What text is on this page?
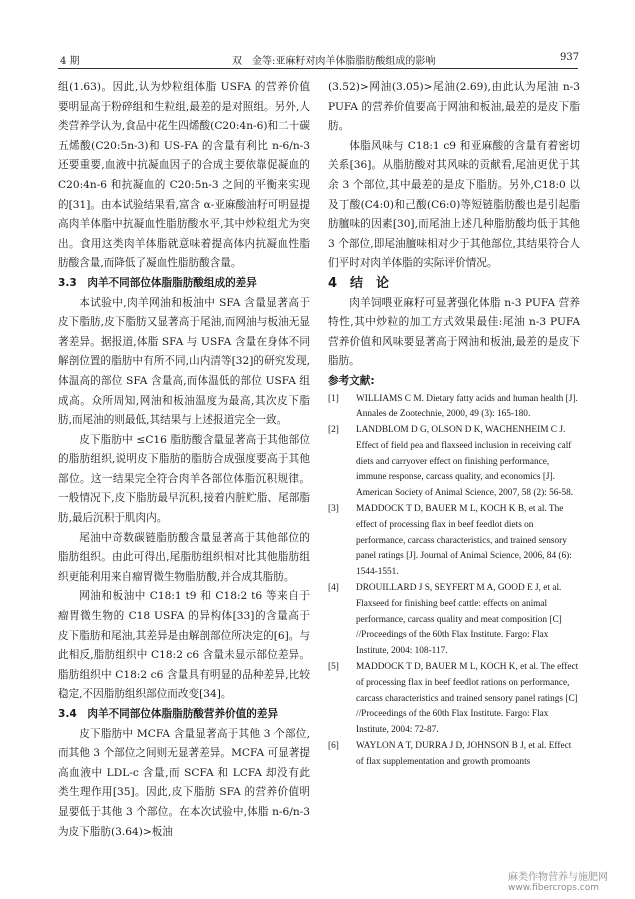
4 期	双　金等:亚麻籽对肉羊体脂脂肪酸组成的影响	937

组(1.63)。因此,认为炒粒组体脂 USFA 的营养价值要明显高于粉碎组和生粒组,最差的是对照组。另外,人类营养学认为,食品中花生四烯酸(C20:4n-6)和二十碳五烯酸(C20:5n-3)和 US-FA 的含量有利比 n-6/n-3 还要重要,血液中抗凝血因子的合成主要依靠促凝血的 C20:4n-6 和抗凝血的 C20:5n-3 之间的平衡来实现的[31]。由本试验结果看,富含 α-亚麻酸油籽可明显提高肉羊体脂中抗凝血性脂肪酸水平,其中炒粒组尤为突出。食用这类肉羊体脂就意味着提高体内抗凝血性脂肪酸含量,而降低了凝血性脂肪酸含量。

3.3　肉羊不同部位体脂脂肪酸组成的差异

本试验中,肉羊网油和板油中 SFA 含量显著高于皮下脂肪,皮下脂肪又显著高于尾油,而网油与板油无显著差异。据报道,体脂 SFA 与 USFA 含量在身体不同解剖位置的脂肪中有所不同,山内清等[32]的研究发现,体温高的部位 SFA 含量高,而体温低的部位 USFA 组成高。众所周知,网油和板油温度为最高,其次皮下脂肪,而尾油的则最低,其结果与上述报道完全一致。

皮下脂肪中 ≤C16 脂肪酸含量显著高于其他部位的脂肪组织,说明皮下脂肪的脂肪合成强度要高于其他部位。这一结果完全符合肉羊各部位体脂沉积规律。一般情况下,皮下脂肪最早沉积,接着内脏贮脂、尾部脂肪,最后沉积于肌肉内。

尾油中奇数碳链脂肪酸含量显著高于其他部位的脂肪组织。由此可得出,尾脂肪组织相对比其他脂肪组织更能利用来自瘤胃微生物脂肪酸,并合成其脂肪。

网油和板油中 C18:1 t9 和 C18:2 t6 等来自于瘤胃微生物的 C18 USFA 的异构体[33]的含量高于皮下脂肪和尾油,其差异是由解剖部位所决定的[6]。与此相反,脂肪组织中 C18:2 c6 含量未显示部位差异。脂肪组织中 C18:2 c6 含量具有明显的品种差异,比较稳定,不因脂肪组织部位而改变[34]。

3.4　肉羊不同部位体脂脂肪酸营养价值的差异

皮下脂肪中 MCFA 含量显著高于其他 3 个部位,而其他 3 个部位之间则无显著差异。MCFA 可显著提高血液中 LDL-c 含量,而 SCFA 和 LCFA 却没有此类生理作用[35]。因此,皮下脂肪 SFA 的营养价值明显要低于其他 3 个部位。在本次试验中,体脂 n-6/n-3 为皮下脂肪(3.64)>板油

(3.52)>网油(3.05)>尾油(2.69),由此认为尾油 n-3 PUFA 的营养价值要高于网油和板油,最差的是皮下脂肪。

体脂风味与 C18:1 c9 和亚麻酸的含量有着密切关系[36]。从脂肪酸对其风味的贡献看,尾油更优于其余 3 个部位,其中最差的是皮下脂肪。另外,C18:0 以及丁酸(C4:0)和己酸(C6:0)等短链脂肪酸也是引起脂肪膻味的因素[30],而尾油上述几种脂肪酸均低于其他 3 个部位,即尾油膻味相对少于其他部位,其结果符合人们平时对肉羊体脂的实际评价情况。

4　结　论

肉羊饲喂亚麻籽可显著强化体脂 n-3 PUFA 营养特性,其中炒粒的加工方式效果最佳:尾油 n-3 PUFA 营养价值和风味要显著高于网油和板油,最差的是皮下脂肪。

参考文献:

[1] WILLIAMS C M. Dietary fatty acids and human health [J]. Annales de Zootechnie, 2000, 49 (3): 165-180.

[2] LANDBLOM D G, OLSON D K, WACHENHEIM C J. Effect of field pea and flaxseed inclusion in receiving calf diets and carryover effect on finishing performance, immune response, carcass quality, and economics [J]. American Society of Animal Science, 2007, 58 (2): 56-58.

[3] MADDOCK T D, BAUER M L, KOCH K B, et al. The effect of processing flax in beef feedlot diets on performance, carcass characteristics, and trained sensory panel ratings [J]. Journal of Animal Science, 2006, 84 (6): 1544-1551.

[4] DROUILLARD J S, SEYFERT M A, GOOD E J, et al. Flaxseed for finishing beef cattle: effects on animal performance, carcass quality and meat composition [C] //Proceedings of the 60th Flax Institute. Fargo: Flax Institute, 2004: 108-117.

[5] MADDOCK T D, BAUER M L, KOCH K, et al. The effect of processing flax in beef feedlot rations on performance, carcass characteristics and trained sensory panel ratings [C] //Proceedings of the 60th Flax Institute. Fargo: Flax Institute, 2004: 72-87.

[6] WAYLON A T, DURRA J D, JOHNSON B J, et al. Effect of flax supplementation and growth promoants

麻类作物营养与施肥网
www.fibercrops.com
